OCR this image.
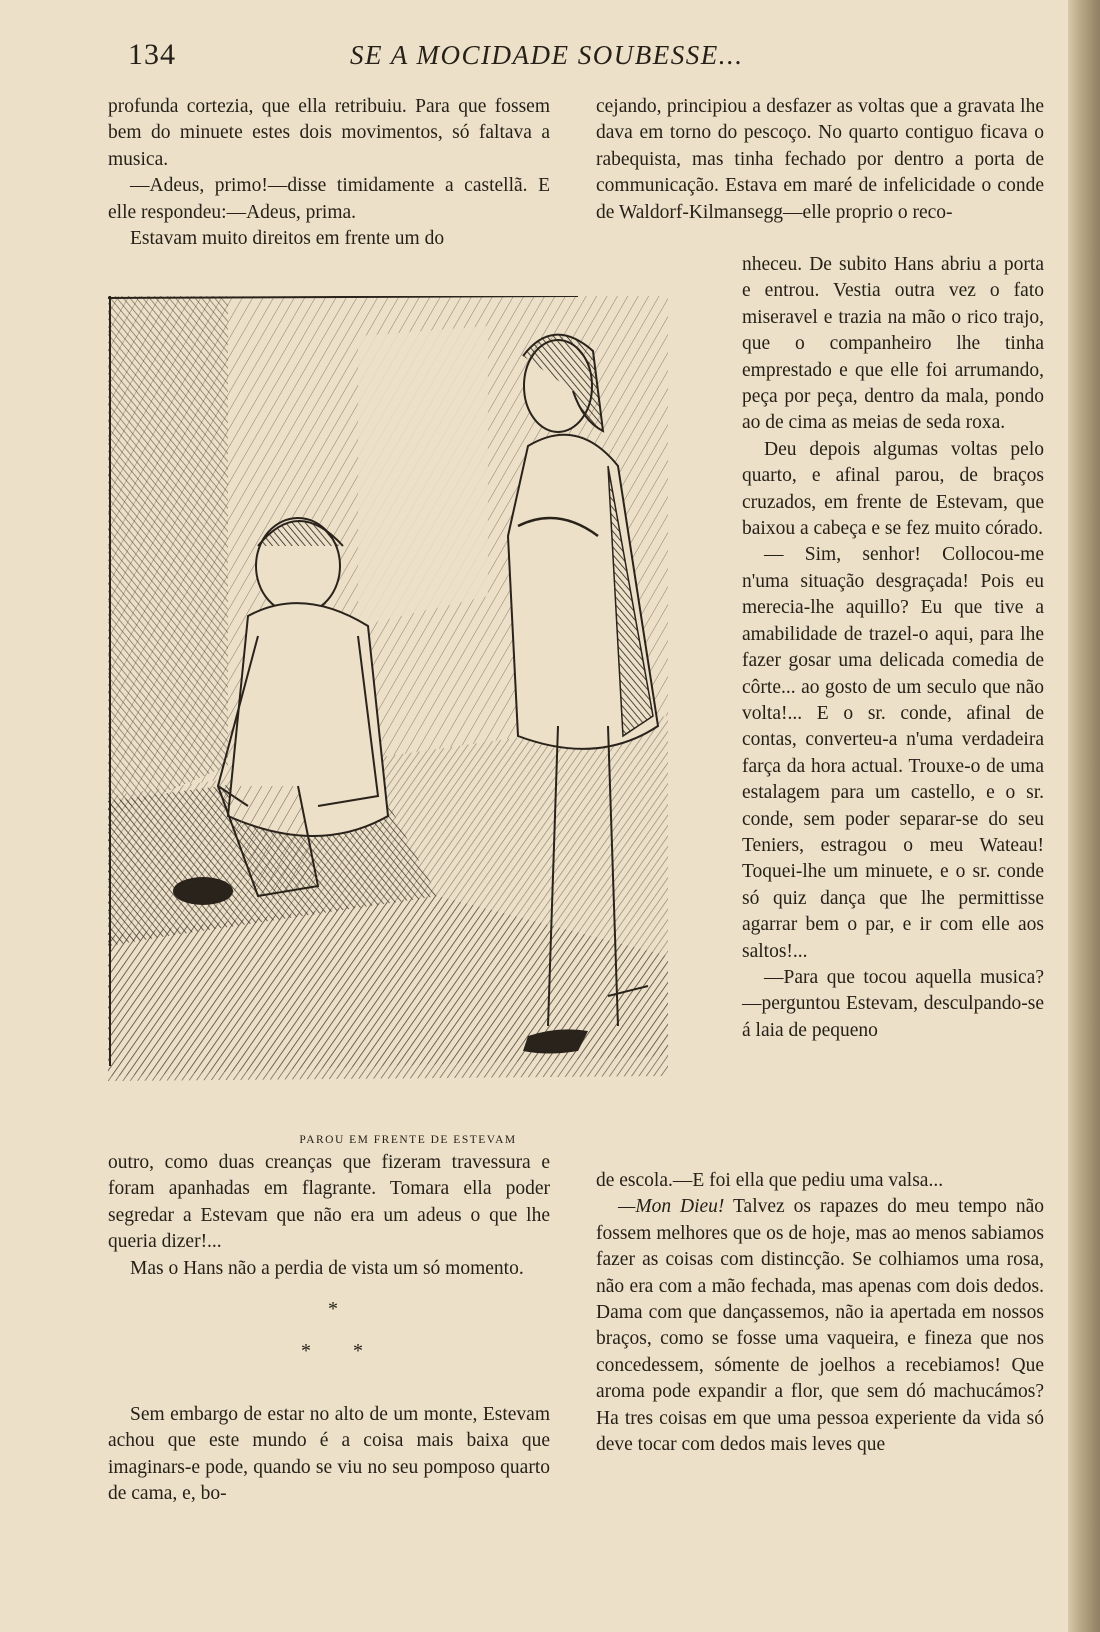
134	SE A MOCIDADE SOUBESSE...

profunda cortezia, que ella retribuiu. Para que fossem bem do minuete estes dois movimentos, só faltava a musica.

—Adeus, primo!—disse timidamente a castellã. E elle respondeu:—Adeus, prima.

Estavam muito direitos em frente um do

PAROU EM FRENTE DE ESTEVAM

outro, como duas creanças que fizeram travessura e foram apanhadas em flagrante. Tomara ella poder segredar a Estevam que não era um adeus o que lhe queria dizer!...

Mas o Hans não a perdia de vista um só momento.

*
* *

Sem embargo de estar no alto de um monte, Estevam achou que este mundo é a coisa mais baixa que imaginars-e pode, quando se viu no seu pomposo quarto de cama, e, bo-

cejando, principiou a desfazer as voltas que a gravata lhe dava em torno do pescoço. No quarto contiguo ficava o rabequista, mas tinha fechado por dentro a porta de communicação. Estava em maré de infelicidade o conde de Waldorf-Kilmansegg—elle proprio o reco-

nheceu. De subito Hans abriu a porta e entrou. Vestia outra vez o fato miseravel e trazia na mão o rico trajo, que o companheiro lhe tinha emprestado e que elle foi arrumando, peça por peça, dentro da mala, pondo ao de cima as meias de seda roxa.

Deu depois algumas voltas pelo quarto, e afinal parou, de braços cruzados, em frente de Estevam, que baixou a cabeça e se fez muito córado.

— Sim, senhor! Collocou-me n'uma situação desgraçada! Pois eu merecia-lhe aquillo? Eu que tive a amabilidade de trazel-o aqui, para lhe fazer gosar uma delicada comedia de côrte... ao gosto de um seculo que não volta!... E o sr. conde, afinal de contas, converteu-a n'uma verdadeira farça da hora actual. Trouxe-o de uma estalagem para um castello, e o sr. conde, sem poder separar-se do seu Teniers, estragou o meu Wateau! Toquei-lhe um minuete, e o sr. conde só quiz dança que lhe permittisse agarrar bem o par, e ir com elle aos saltos!...

—Para que tocou aquella musica?—perguntou Estevam, desculpando-se á laia de pequeno

de escola.—E foi ella que pediu uma valsa...

—Mon Dieu! Talvez os rapazes do meu tempo não fossem melhores que os de hoje, mas ao menos sabiamos fazer as coisas com distincção. Se colhiamos uma rosa, não era com a mão fechada, mas apenas com dois dedos. Dama com que dançassemos, não ia apertada em nossos braços, como se fosse uma vaqueira, e fineza que nos concedessem, sómente de joelhos a recebiamos! Que aroma pode expandir a flor, que sem dó machucámos? Ha tres coisas em que uma pessoa experiente da vida só deve tocar com dedos mais leves que
